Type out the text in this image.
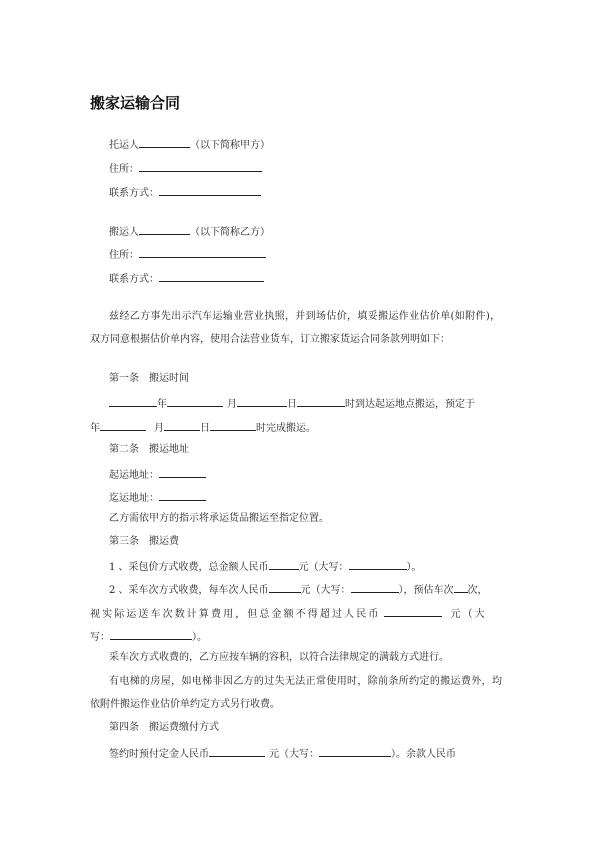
搬家运输合同
托运人	（以下简称甲方）
住所：
联系方式：
搬运人	（以下简称乙方）
住所：
联系方式：
兹经乙方事先出示汽车运输业营业执照，并到场估价，填妥搬运作业估价单(如附件)，
双方同意根据估价单内容，使用合法营业货车，订立搬家货运合同条款列明如下：
第一条　搬运时间
年	月	日	时到达起运地点搬运，预定于
年	月	日	时完成搬运。
第二条　搬运地址
起运地址：
迄运地址：
乙方需依甲方的指示将承运货品搬运至指定位置。
第三条　搬运费
1 、采包价方式收费，总金额人民币	元（大写：	）。
2 、采车次方式收费，每车次人民币	元（大写：	），预估车次 次，
视实际运送车次数计算费用，但总金额不得超过人民币	元（大
写：	）。
采车次方式收费的，乙方应按车辆的容积，以符合法律规定的满载方式进行。
有电梯的房屋，如电梯非因乙方的过失无法正常使用时，除前条所约定的搬运费外，均
依附件搬运作业估价单约定方式另行收费。
第四条　搬运费缴付方式
签约时预付定金人民币	元（大写：	）。余款人民币
